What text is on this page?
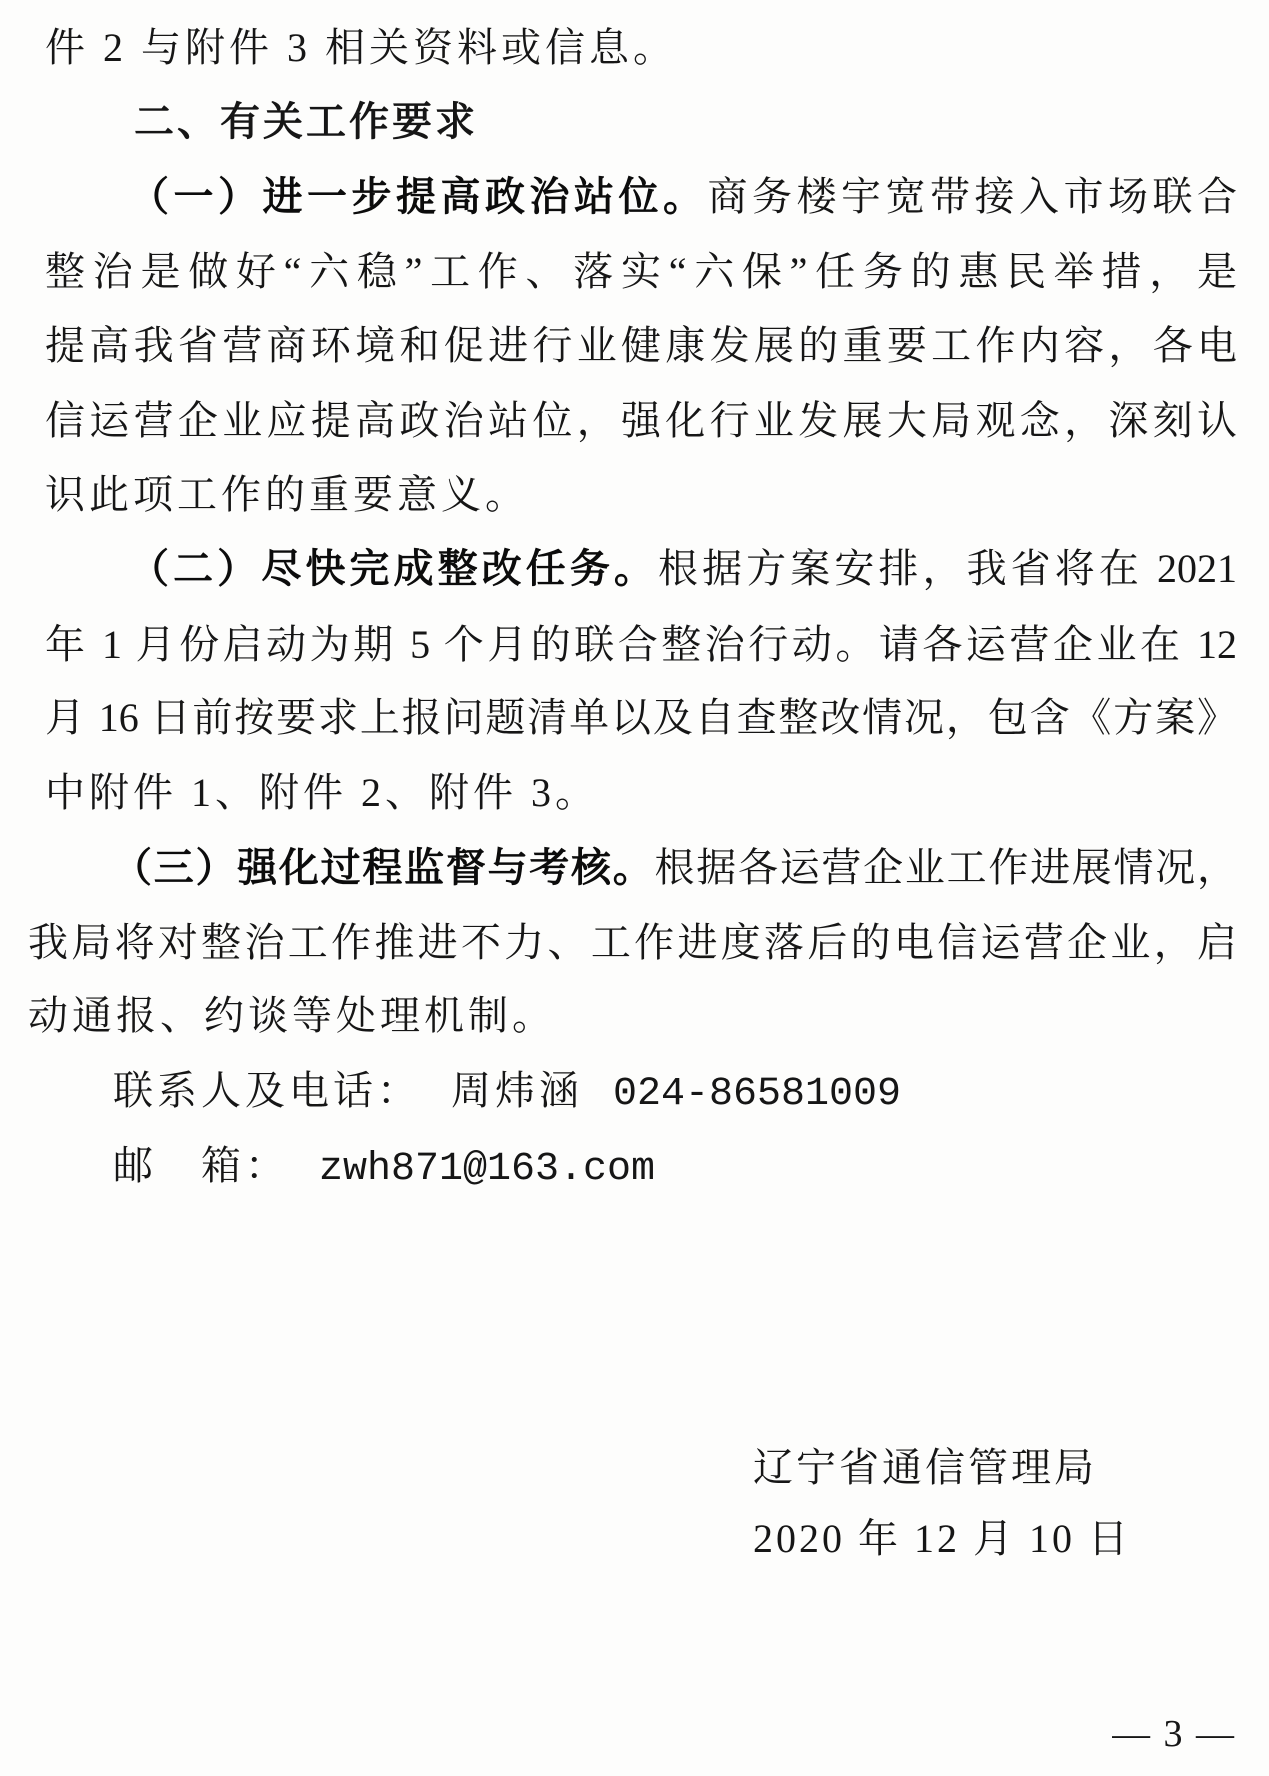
件 2 与附件 3 相关资料或信息。
二、有关工作要求
（一）进一步提高政治站位。商务楼宇宽带接入市场联合
整治是做好“六稳”工作、落实“六保”任务的惠民举措，是
提高我省营商环境和促进行业健康发展的重要工作内容，各电
信运营企业应提高政治站位，强化行业发展大局观念，深刻认
识此项工作的重要意义。
（二）尽快完成整改任务。根据方案安排，我省将在 2021
年 1 月份启动为期 5 个月的联合整治行动。请各运营企业在 12
月 16 日前按要求上报问题清单以及自查整改情况，包含《方案》
中附件 1、附件 2、附件 3。
（三）强化过程监督与考核。根据各运营企业工作进展情况，
我局将对整治工作推进不力、工作进度落后的电信运营企业，启
动通报、约谈等处理机制。
联系人及电话： 周炜涵 024-86581009
邮　箱： zwh871@163.com
辽宁省通信管理局
2020 年 12 月 10 日
— 3 —
